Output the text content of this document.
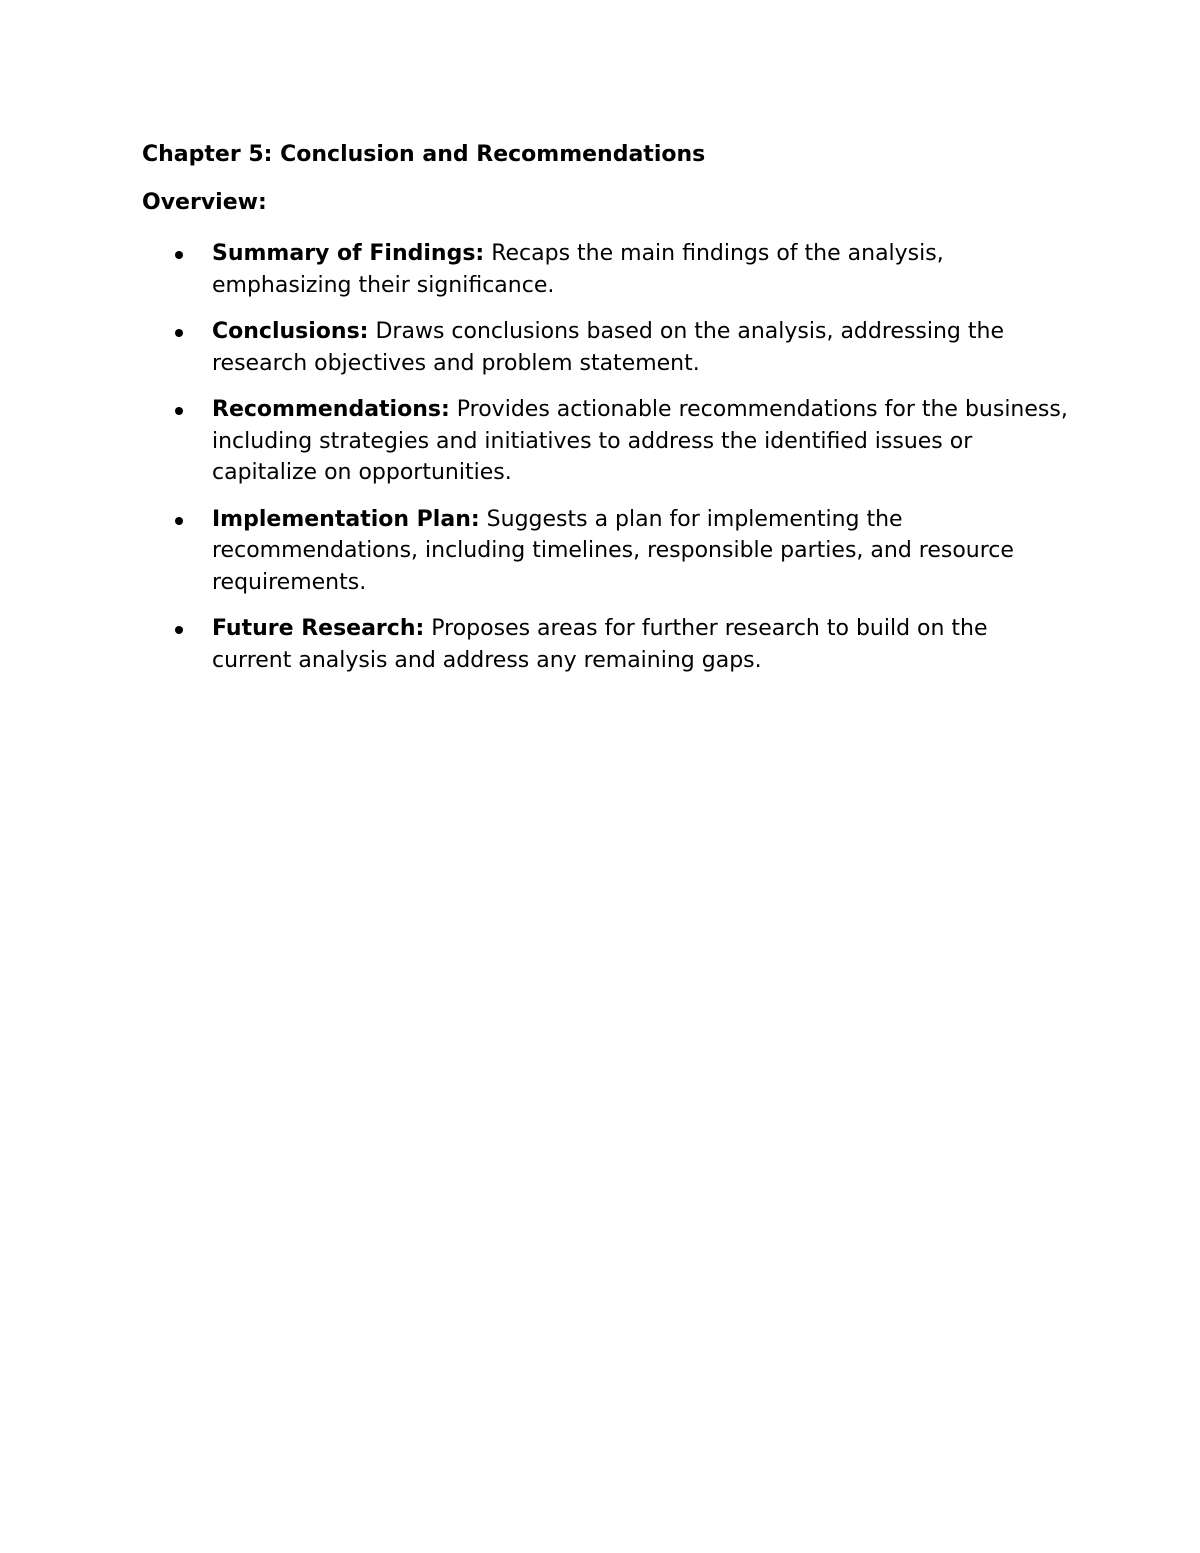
Chapter 5: Conclusion and Recommendations
Overview:
Summary of Findings: Recaps the main findings of the analysis, emphasizing their significance.
Conclusions: Draws conclusions based on the analysis, addressing the research objectives and problem statement.
Recommendations: Provides actionable recommendations for the business, including strategies and initiatives to address the identified issues or capitalize on opportunities.
Implementation Plan: Suggests a plan for implementing the recommendations, including timelines, responsible parties, and resource requirements.
Future Research: Proposes areas for further research to build on the current analysis and address any remaining gaps.
